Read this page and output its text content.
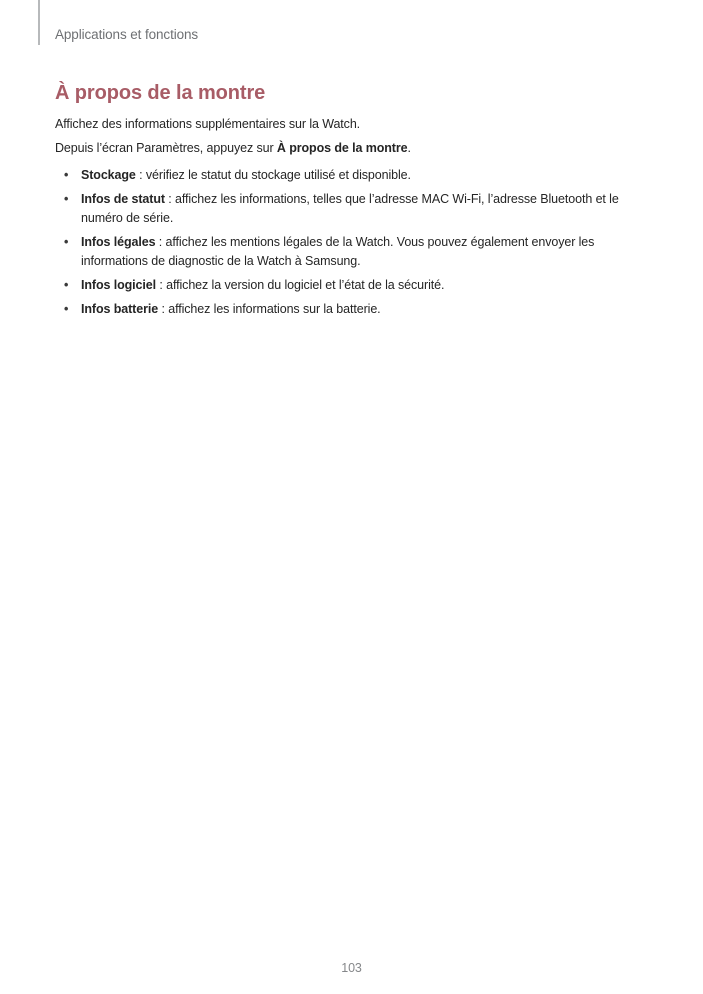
Applications et fonctions

À propos de la montre

Affichez des informations supplémentaires sur la Watch.

Depuis l’écran Paramètres, appuyez sur À propos de la montre.

•	Stockage : vérifiez le statut du stockage utilisé et disponible.
•	Infos de statut : affichez les informations, telles que l’adresse MAC Wi-Fi, l’adresse Bluetooth et le numéro de série.
•	Infos légales : affichez les mentions légales de la Watch. Vous pouvez également envoyer les informations de diagnostic de la Watch à Samsung.
•	Infos logiciel : affichez la version du logiciel et l’état de la sécurité.
•	Infos batterie : affichez les informations sur la batterie.
103
